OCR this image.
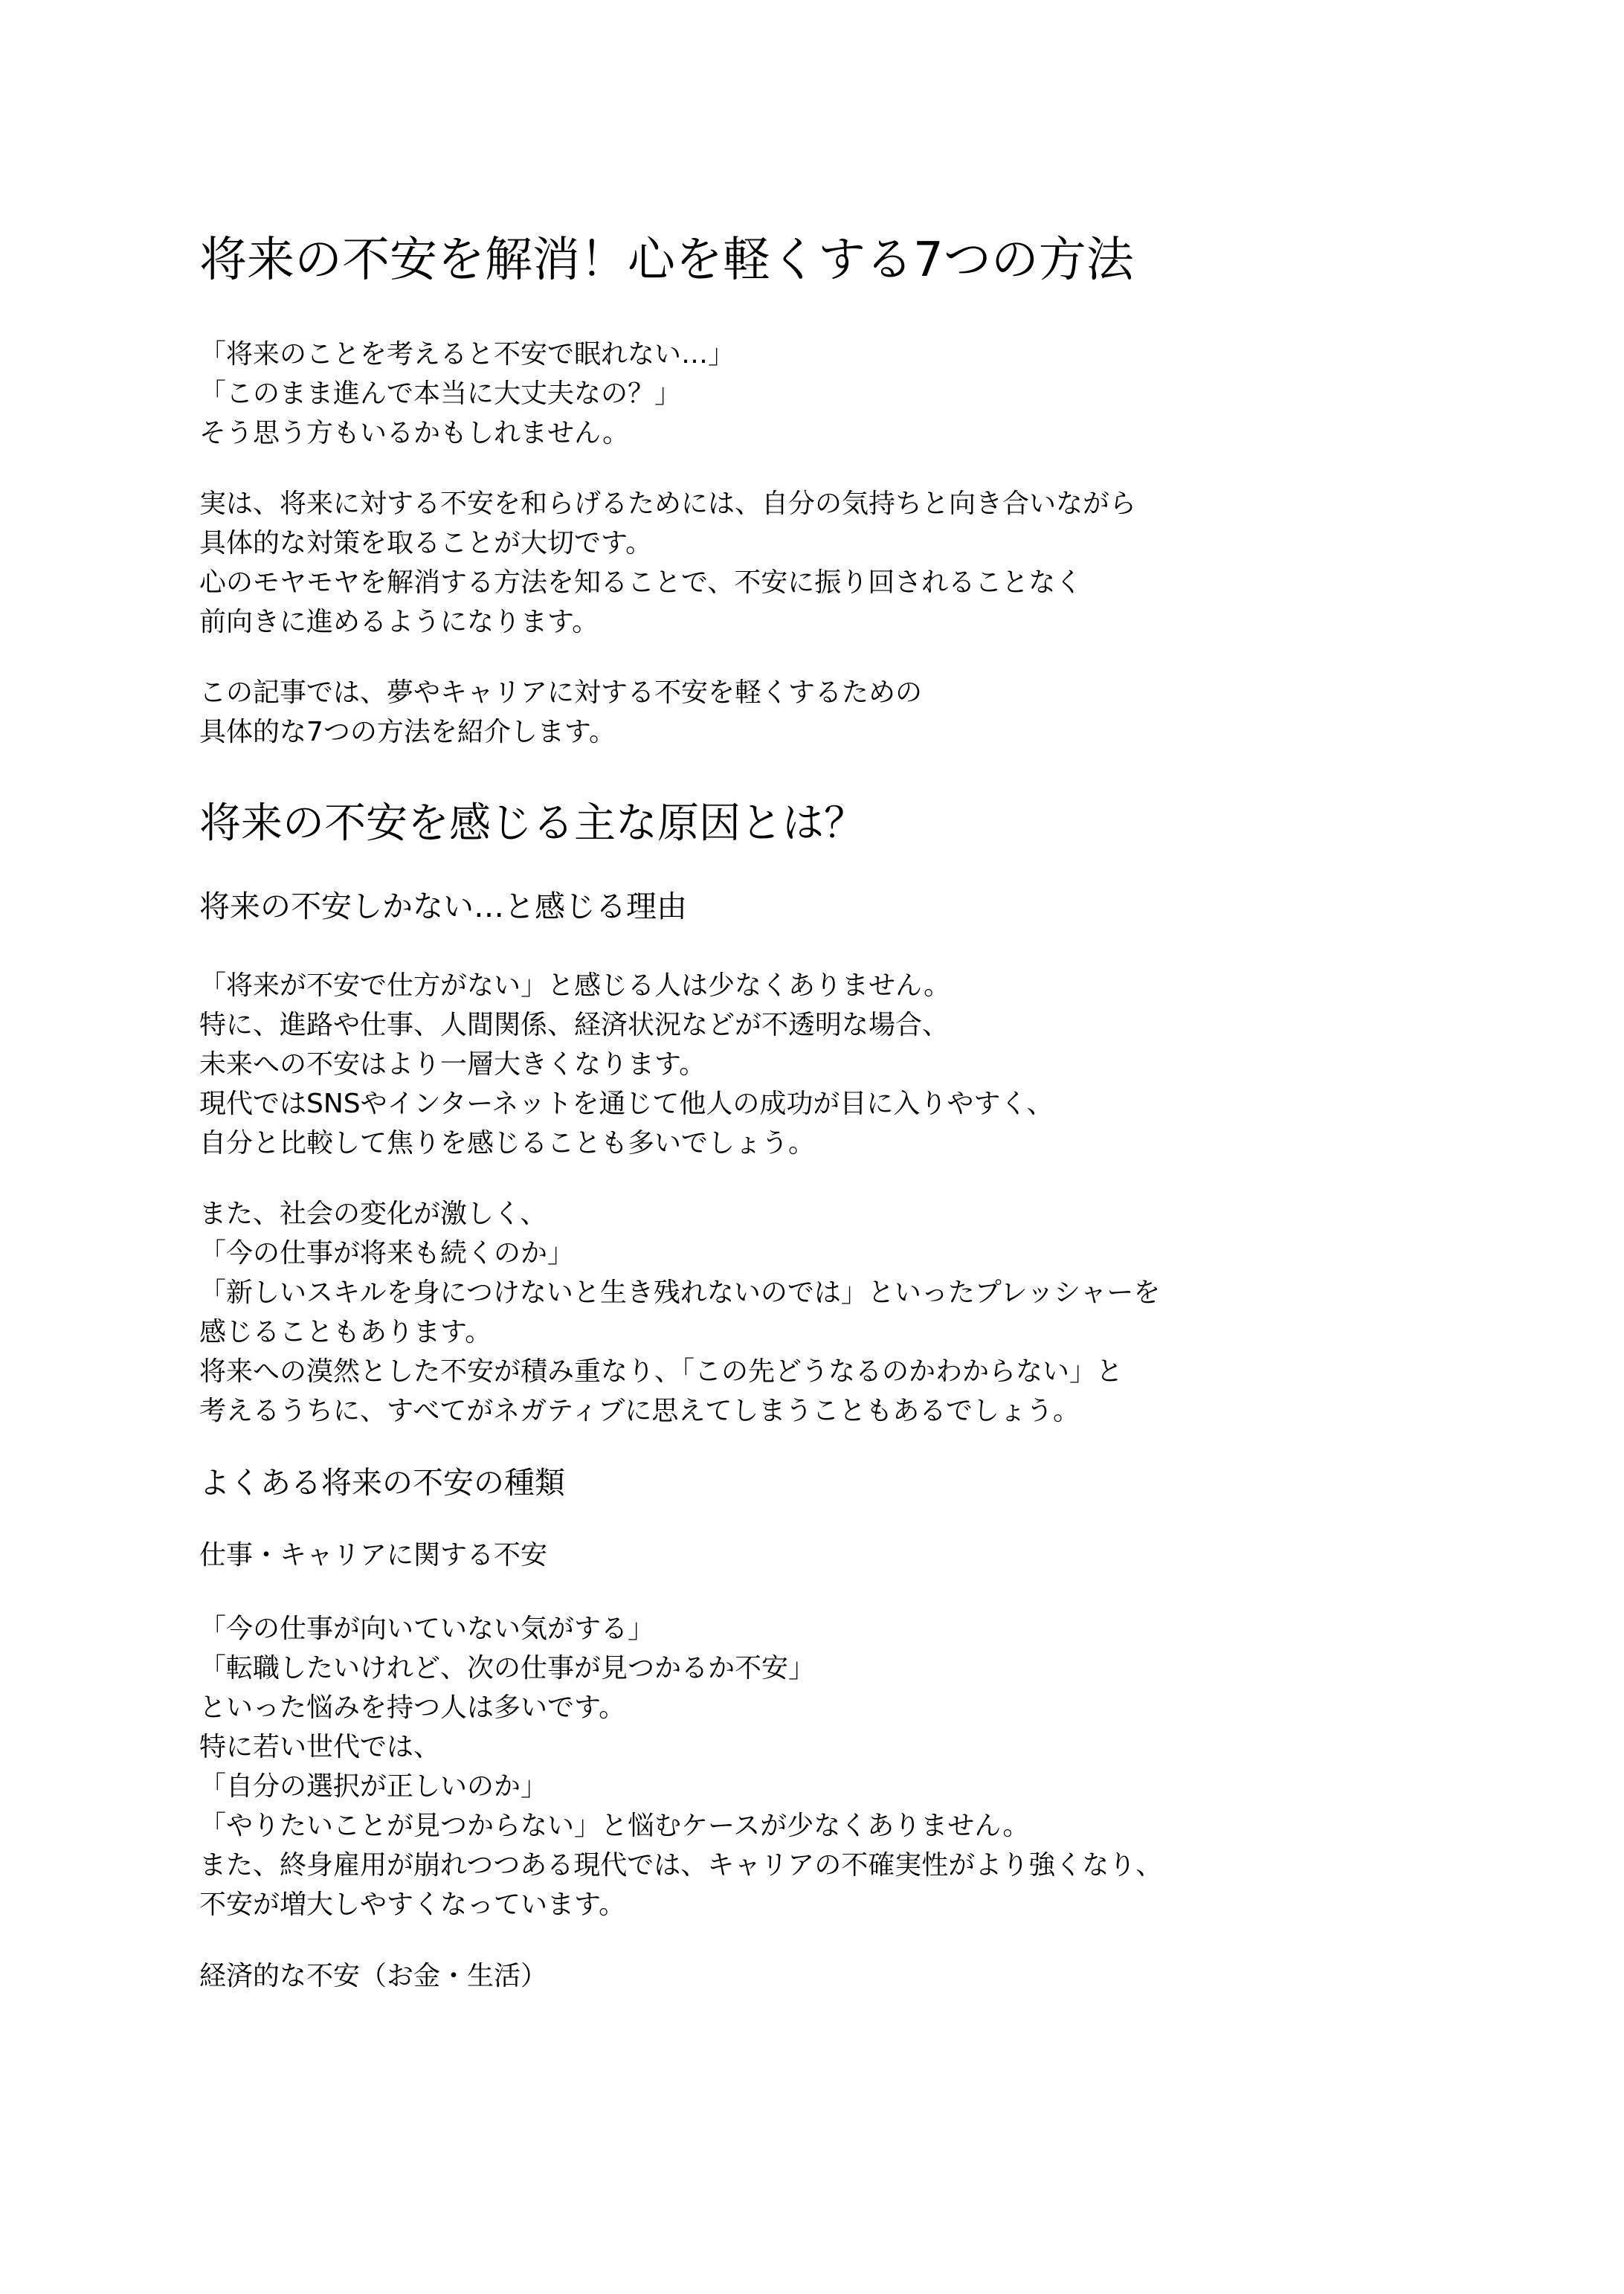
将来の不安を解消！心を軽くする7つの方法
「将来のことを考えると不安で眠れない…」
「このまま進んで本当に大丈夫なの？」
そう思う方もいるかもしれません。
実は、将来に対する不安を和らげるためには、自分の気持ちと向き合いながら
具体的な対策を取ることが大切です。
心のモヤモヤを解消する方法を知ることで、不安に振り回されることなく
前向きに進めるようになります。
この記事では、夢やキャリアに対する不安を軽くするための
具体的な7つの方法を紹介します。
将来の不安を感じる主な原因とは？
将来の不安しかない…と感じる理由
「将来が不安で仕方がない」と感じる人は少なくありません。
特に、進路や仕事、人間関係、経済状況などが不透明な場合、
未来への不安はより一層大きくなります。
現代ではSNSやインターネットを通じて他人の成功が目に入りやすく、
自分と比較して焦りを感じることも多いでしょう。
また、社会の変化が激しく、
「今の仕事が将来も続くのか」
「新しいスキルを身につけないと生き残れないのでは」といったプレッシャーを
感じることもあります。
将来への漠然とした不安が積み重なり、「この先どうなるのかわからない」と
考えるうちに、すべてがネガティブに思えてしまうこともあるでしょう。
よくある将来の不安の種類
仕事・キャリアに関する不安
「今の仕事が向いていない気がする」
「転職したいけれど、次の仕事が見つかるか不安」
といった悩みを持つ人は多いです。
特に若い世代では、
「自分の選択が正しいのか」
「やりたいことが見つからない」と悩むケースが少なくありません。
また、終身雇用が崩れつつある現代では、キャリアの不確実性がより強くなり、
不安が増大しやすくなっています。
経済的な不安（お金・生活）
